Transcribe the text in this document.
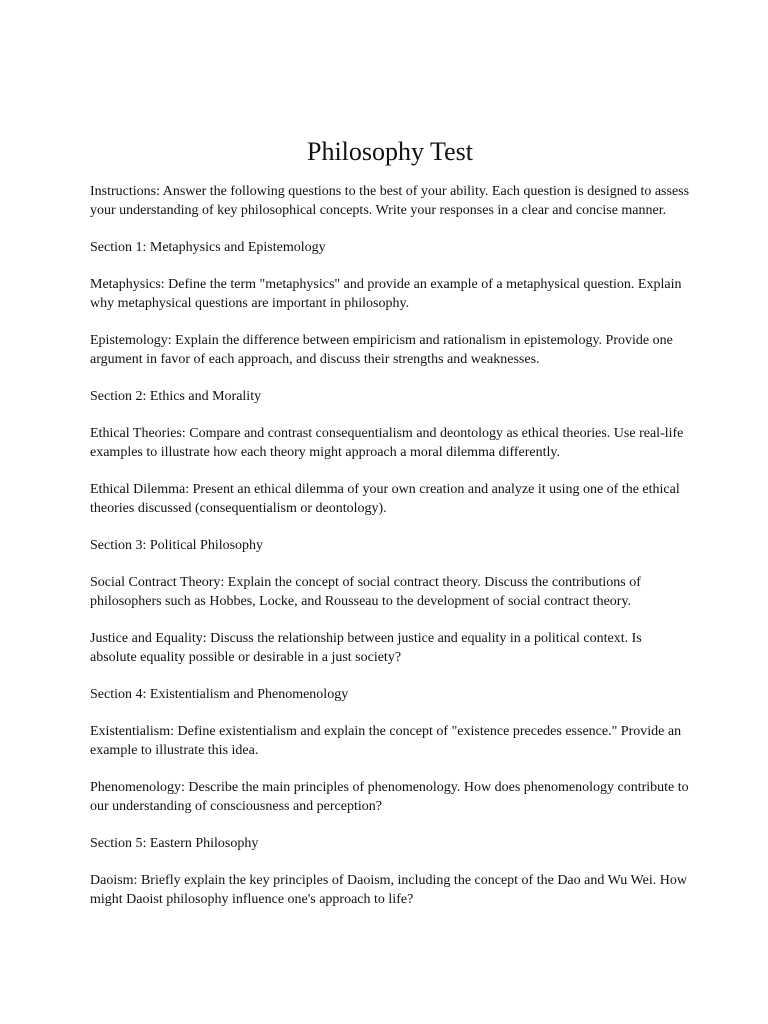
Philosophy Test

Instructions: Answer the following questions to the best of your ability. Each question is designed to assess your understanding of key philosophical concepts. Write your responses in a clear and concise manner.

Section 1: Metaphysics and Epistemology

Metaphysics: Define the term "metaphysics" and provide an example of a metaphysical question. Explain why metaphysical questions are important in philosophy.

Epistemology: Explain the difference between empiricism and rationalism in epistemology. Provide one argument in favor of each approach, and discuss their strengths and weaknesses.

Section 2: Ethics and Morality

Ethical Theories: Compare and contrast consequentialism and deontology as ethical theories. Use real-life examples to illustrate how each theory might approach a moral dilemma differently.

Ethical Dilemma: Present an ethical dilemma of your own creation and analyze it using one of the ethical theories discussed (consequentialism or deontology).

Section 3: Political Philosophy

Social Contract Theory: Explain the concept of social contract theory. Discuss the contributions of philosophers such as Hobbes, Locke, and Rousseau to the development of social contract theory.

Justice and Equality: Discuss the relationship between justice and equality in a political context. Is absolute equality possible or desirable in a just society?

Section 4: Existentialism and Phenomenology

Existentialism: Define existentialism and explain the concept of "existence precedes essence." Provide an example to illustrate this idea.

Phenomenology: Describe the main principles of phenomenology. How does phenomenology contribute to our understanding of consciousness and perception?

Section 5: Eastern Philosophy

Daoism: Briefly explain the key principles of Daoism, including the concept of the Dao and Wu Wei. How might Daoist philosophy influence one's approach to life?
